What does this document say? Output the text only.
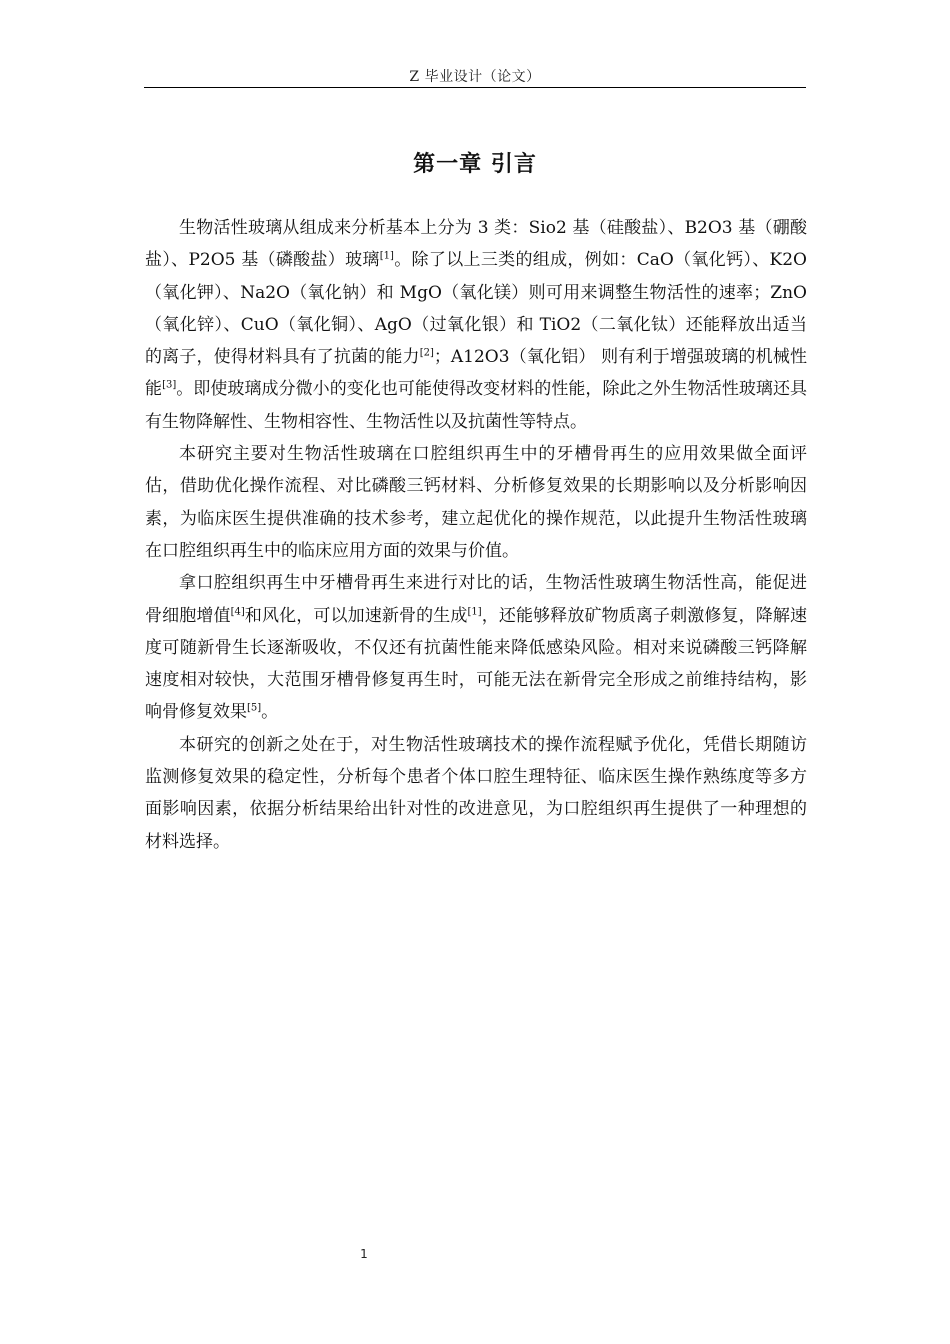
Z 毕业设计（论文）
第一章 引言

生物活性玻璃从组成来分析基本上分为 3 类：Sio2 基（硅酸盐）、B2O3 基（硼酸盐）、P2O5 基（磷酸盐）玻璃[1]。除了以上三类的组成，例如：CaO（氧化钙）、K2O（氧化钾）、Na2O（氧化钠）和 MgO（氧化镁）则可用来调整生物活性的速率；ZnO（氧化锌）、CuO（氧化铜）、AgO（过氧化银）和 TiO2（二氧化钛）还能释放出适当的离子，使得材料具有了抗菌的能力[2]；A12O3（氧化铝） 则有利于增强玻璃的机械性能[3]。即使玻璃成分微小的变化也可能使得改变材料的性能，除此之外生物活性玻璃还具有生物降解性、生物相容性、生物活性以及抗菌性等特点。

本研究主要对生物活性玻璃在口腔组织再生中的牙槽骨再生的应用效果做全面评估，借助优化操作流程、对比磷酸三钙材料、分析修复效果的长期影响以及分析影响因素，为临床医生提供准确的技术参考，建立起优化的操作规范，以此提升生物活性玻璃在口腔组织再生中的临床应用方面的效果与价值。

拿口腔组织再生中牙槽骨再生来进行对比的话，生物活性玻璃生物活性高，能促进骨细胞增值[4]和风化，可以加速新骨的生成[1]，还能够释放矿物质离子刺激修复，降解速度可随新骨生长逐渐吸收，不仅还有抗菌性能来降低感染风险。相对来说磷酸三钙降解速度相对较快，大范围牙槽骨修复再生时，可能无法在新骨完全形成之前维持结构，影响骨修复效果[5]。

本研究的创新之处在于，对生物活性玻璃技术的操作流程赋予优化，凭借长期随访监测修复效果的稳定性，分析每个患者个体口腔生理特征、临床医生操作熟练度等多方面影响因素，依据分析结果给出针对性的改进意见，为口腔组织再生提供了一种理想的材料选择。

1
